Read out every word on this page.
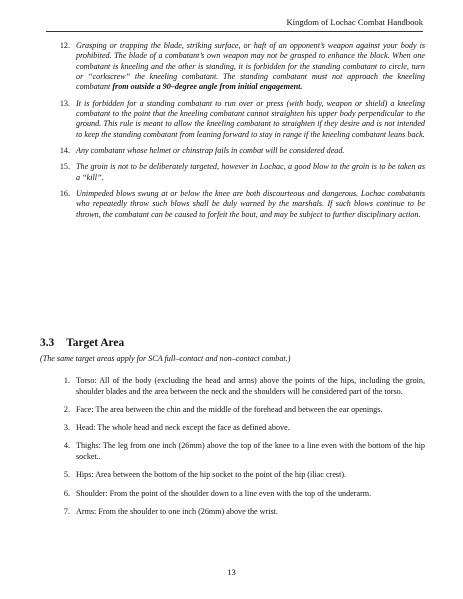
Kingdom of Lochac Combat Handbook
12. Grasping or trapping the blade, striking surface, or haft of an opponent’s weapon against your body is prohibited. The blade of a combatant’s own weapon may not be grasped to enhance the block. When one combatant is kneeling and the other is standing, it is forbidden for the standing combatant to circle, turn or “corkscrew” the kneeling combatant. The standing combatant must not approach the kneeling combatant from outside a 90–degree angle from initial engagement.
13. It is forbidden for a standing combatant to run over or press (with body, weapon or shield) a kneeling combatant to the point that the kneeling combatant cannot straighten his upper body perpendicular to the ground. This rule is meant to allow the kneeling combatant to straighten if they desire and is not intended to keep the standing combatant from leaning forward to stay in range if the kneeling combatant leans back.
14. Any combatant whose helmet or chinstrap fails in combat will be considered dead.
15. The groin is not to be deliberately targeted, however in Lochac, a good blow to the groin is to be taken as a “kill”.
16. Unimpeded blows swung at or below the knee are both discourteous and dangerous. Lochac combatants who repeatedly throw such blows shall be duly warned by the marshals. If such blows continue to be thrown, the combatant can be caused to forfeit the bout, and may be subject to further disciplinary action.
3.3 Target Area
(The same target areas apply for SCA full–contact and non–contact combat.)
1. Torso: All of the body (excluding the head and arms) above the points of the hips, including the groin, shoulder blades and the area between the neck and the shoulders will be considered part of the torso.
2. Face: The area between the chin and the middle of the forehead and between the ear openings.
3. Head: The whole head and neck except the face as defined above.
4. Thighs: The leg from one inch (26mm) above the top of the knee to a line even with the bottom of the hip socket..
5. Hips: Area between the bottom of the hip socket to the point of the hip (iliac crest).
6. Shoulder: From the point of the shoulder down to a line even with the top of the underarm.
7. Arms: From the shoulder to one inch (26mm) above the wrist.
13
